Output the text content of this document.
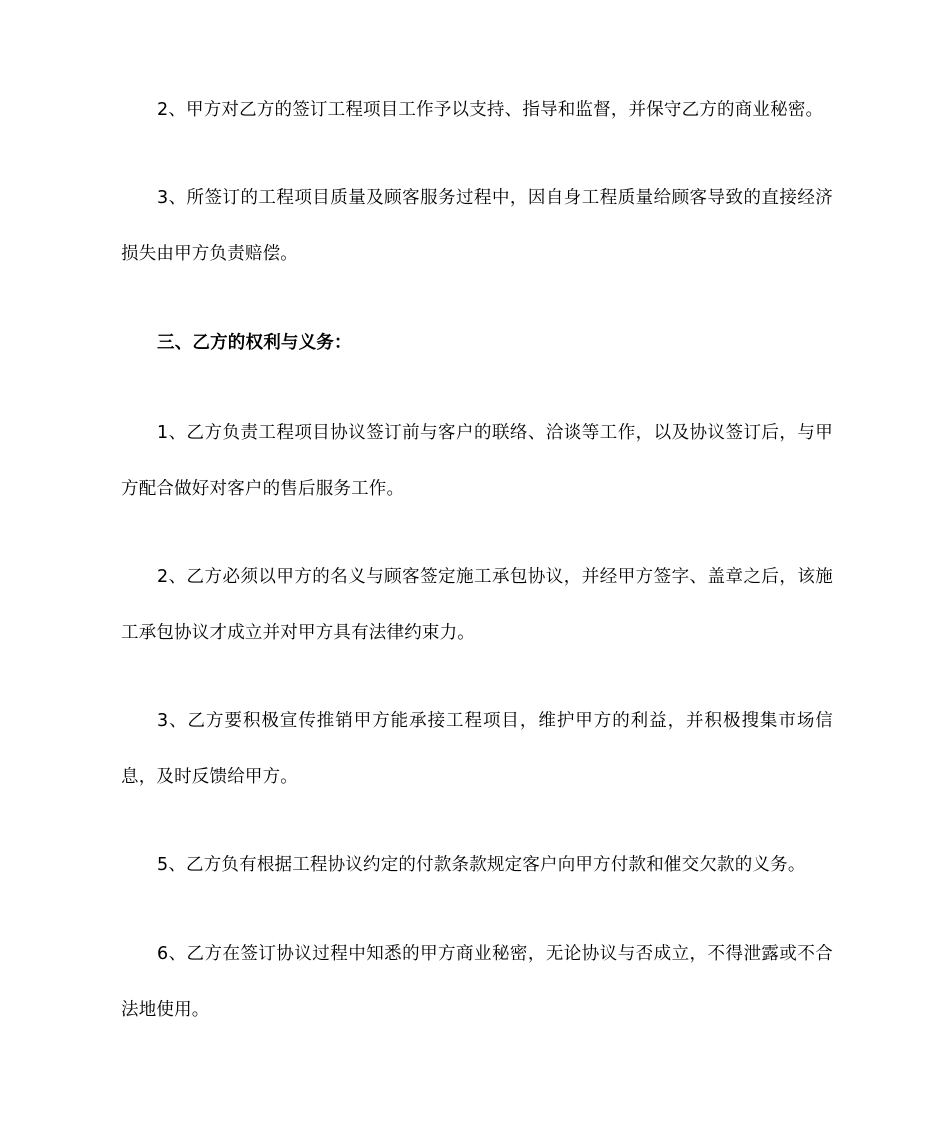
2、甲方对乙方的签订工程项目工作予以支持、指导和监督，并保守乙方的商业秘密。

3、所签订的工程项目质量及顾客服务过程中，因自身工程质量给顾客导致的直接经济损失由甲方负责赔偿。

三、乙方的权利与义务：

1、乙方负责工程项目协议签订前与客户的联络、洽谈等工作，以及协议签订后，与甲方配合做好对客户的售后服务工作。

2、乙方必须以甲方的名义与顾客签定施工承包协议，并经甲方签字、盖章之后，该施工承包协议才成立并对甲方具有法律约束力。

3、乙方要积极宣传推销甲方能承接工程项目，维护甲方的利益，并积极搜集市场信息，及时反馈给甲方。

5、乙方负有根据工程协议约定的付款条款规定客户向甲方付款和催交欠款的义务。

6、乙方在签订协议过程中知悉的甲方商业秘密，无论协议与否成立，不得泄露或不合法地使用。
